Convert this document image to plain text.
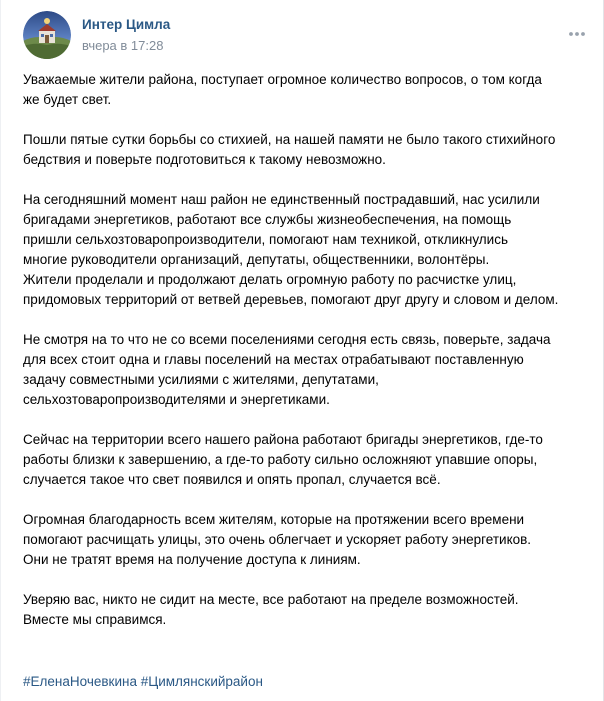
Интер Цимла
вчера в 17:28
Уважаемые жители района, поступает огромное количество вопросов, о том когда
же будет свет.
Пошли пятые сутки борьбы со стихией, на нашей памяти не было такого стихийного
бедствия и поверьте подготовиться к такому невозможно.
На сегодняшний момент наш район не единственный пострадавший, нас усилили
бригадами энергетиков, работают все службы жизнеобеспечения, на помощь
пришли сельхозтоваропроизводители, помогают нам техникой, откликнулись
многие руководители организаций, депутаты, общественники, волонтёры.
Жители проделали и продолжают делать огромную работу по расчистке улиц,
придомовых территорий от ветвей деревьев, помогают друг другу и словом и делом.
Не смотря на то что не со всеми поселениями сегодня есть связь, поверьте, задача
для всех стоит одна и главы поселений на местах отрабатывают поставленную
задачу совместными усилиями с жителями, депутатами,
сельхозтоваропроизводителями и энергетиками.
Сейчас на территории всего нашего района работают бригады энергетиков, где-то
работы близки к завершению, а где-то работу сильно осложняют упавшие опоры,
случается такое что свет появился и опять пропал, случается всё.
Огромная благодарность всем жителям, которые на протяжении всего времени
помогают расчищать улицы, это очень облегчает и ускоряет работу энергетиков.
Они не тратят время на получение доступа к линиям.
Уверяю вас, никто не сидит на месте, все работают на пределе возможностей.
Вместе мы справимся.
#ЕленаНочевкина #Цимлянскийрайон
